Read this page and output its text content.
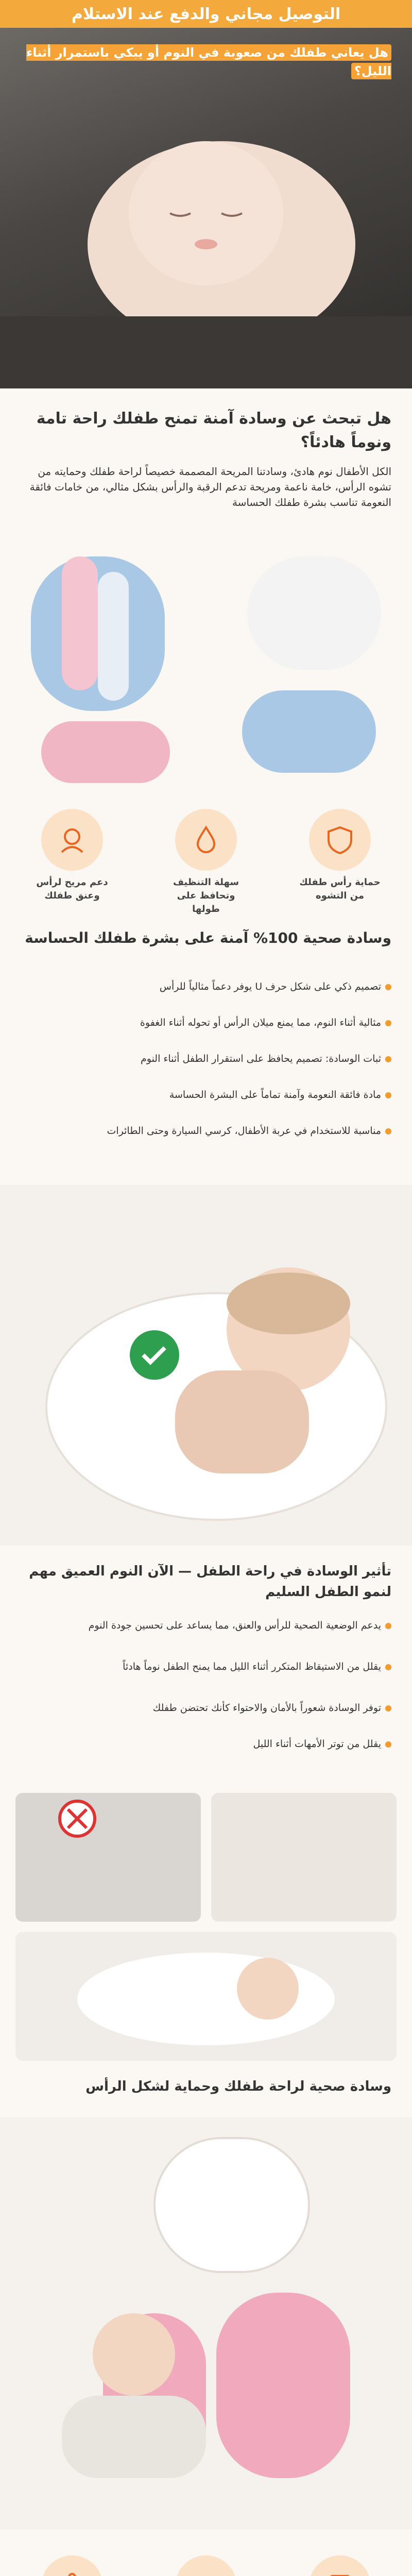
التوصيل مجاني والدفع عند الاستلام
هل يعاني طفلك من صعوبة في النوم أو يبكي باستمرار أثناء الليل؟
هل تبحث عن وسادة آمنة تمنح طفلك راحة تامة ونوماً هادئاً؟
الكل الأطفال نوم هادئ، وسادتنا المريحة المصممة خصيصاً لراحة طفلك وحمايته من تشوه الرأس، خامة ناعمة ومريحة تدعم الرقبة والرأس بشكل مثالي، من خامات فائقة النعومة تناسب بشرة طفلك الحساسة
دعم مريح لرأس وعنق طفلك
سهلة التنظيف وتحافظ على طولها
حماية رأس طفلك من التشوه
وسادة صحية 100% آمنة على بشرة طفلك الحساسة
تصميم ذكي على شكل حرف U يوفر دعماً مثالياً للرأس
مثالية أثناء النوم، مما يمنع ميلان الرأس أو تحوله أثناء الغفوة
ثبات الوسادة: تصميم يحافظ على استقرار الطفل أثناء النوم
مادة فائقة النعومة وآمنة تماماً على البشرة الحساسة
مناسبة للاستخدام في عربة الأطفال، كرسي السيارة وحتى الطائرات
تأثير الوسادة في راحة الطفل — الآن النوم العميق مهم لنمو الطفل السليم
يدعم الوضعية الصحية للرأس والعنق، مما يساعد على تحسين جودة النوم
يقلل من الاستيقاظ المتكرر أثناء الليل مما يمنح الطفل نوماً هادئاً
توفر الوسادة شعوراً بالأمان والاحتواء كأنك تحتضن طفلك
يقلل من توتر الأمهات أثناء الليل
وسادة صحية لراحة طفلك وحماية لشكل الرأس
